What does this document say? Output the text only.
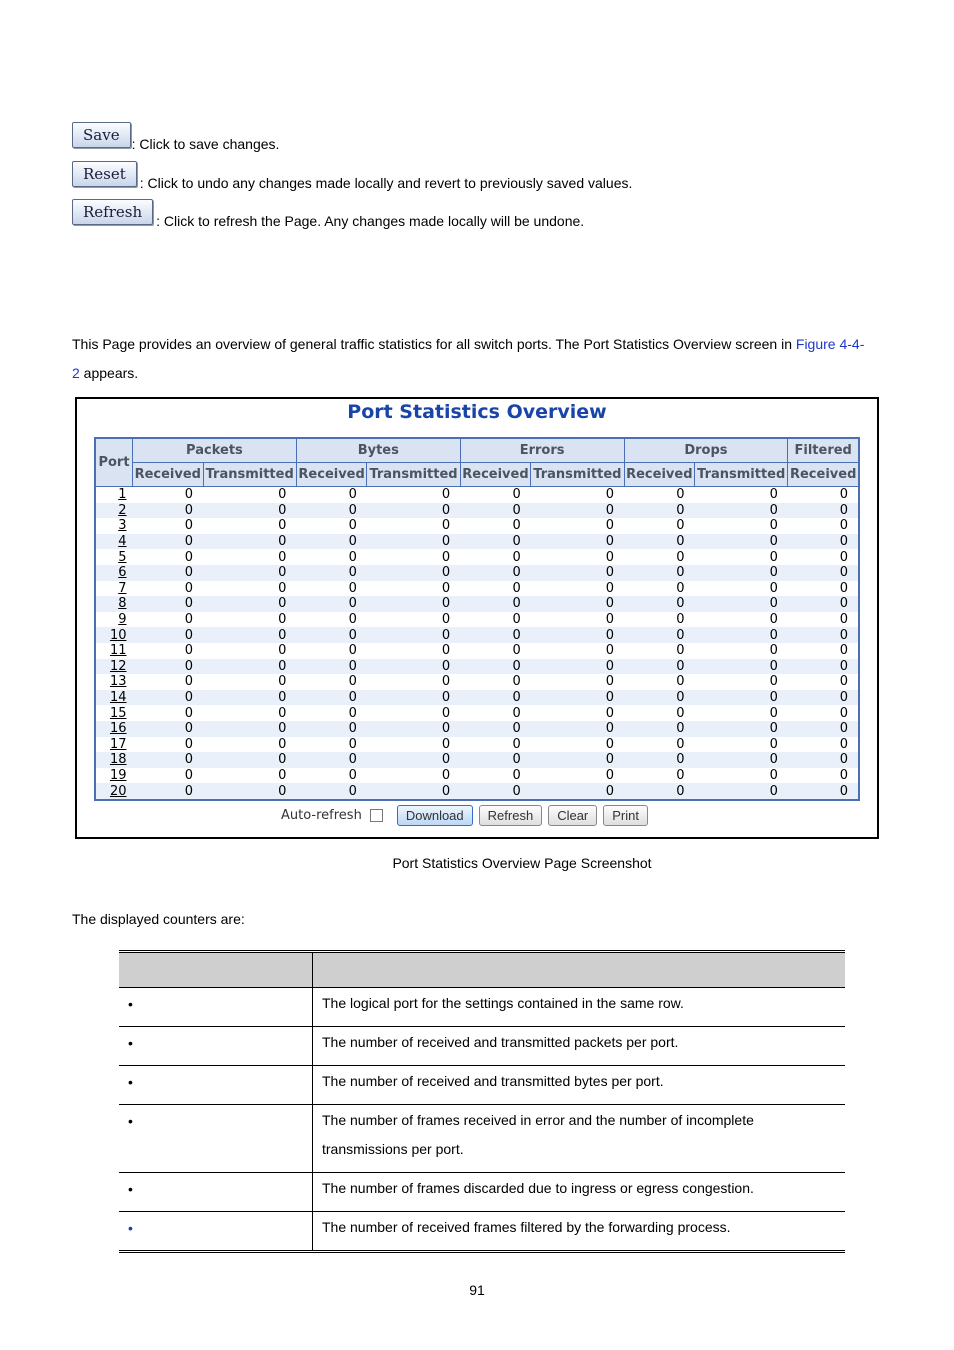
Save : Click to save changes.
Reset	: Click to undo any changes made locally and revert to previously saved values.
Refresh	: Click to refresh the Page. Any changes made locally will be undone.

This Page provides an overview of general traffic statistics for all switch ports. The Port Statistics Overview screen in Figure 4-4-2 appears.

Port Statistics Overview
Port	Packets		Bytes		Errors		Drops		Filtered
	Received	Transmitted	Received	Transmitted	Received	Transmitted	Received	Transmitted	Received
1	0	0	0	0	0	0	0	0	0
2	0	0	0	0	0	0	0	0	0
3	0	0	0	0	0	0	0	0	0
4	0	0	0	0	0	0	0	0	0
5	0	0	0	0	0	0	0	0	0
6	0	0	0	0	0	0	0	0	0
7	0	0	0	0	0	0	0	0	0
8	0	0	0	0	0	0	0	0	0
9	0	0	0	0	0	0	0	0	0
10	0	0	0	0	0	0	0	0	0
11	0	0	0	0	0	0	0	0	0
12	0	0	0	0	0	0	0	0	0
13	0	0	0	0	0	0	0	0	0
14	0	0	0	0	0	0	0	0	0
15	0	0	0	0	0	0	0	0	0
16	0	0	0	0	0	0	0	0	0
17	0	0	0	0	0	0	0	0	0
18	0	0	0	0	0	0	0	0	0
19	0	0	0	0	0	0	0	0	0
20	0	0	0	0	0	0	0	0	0
Auto-refresh	Download	Refresh	Clear	Print
Port Statistics Overview Page Screenshot
The displayed counters are:

•	The logical port for the settings contained in the same row.
•	The number of received and transmitted packets per port.
•	The number of received and transmitted bytes per port.
•	The number of frames received in error and the number of incomplete transmissions per port.
•	The number of frames discarded due to ingress or egress congestion.
•	The number of received frames filtered by the forwarding process.
91
